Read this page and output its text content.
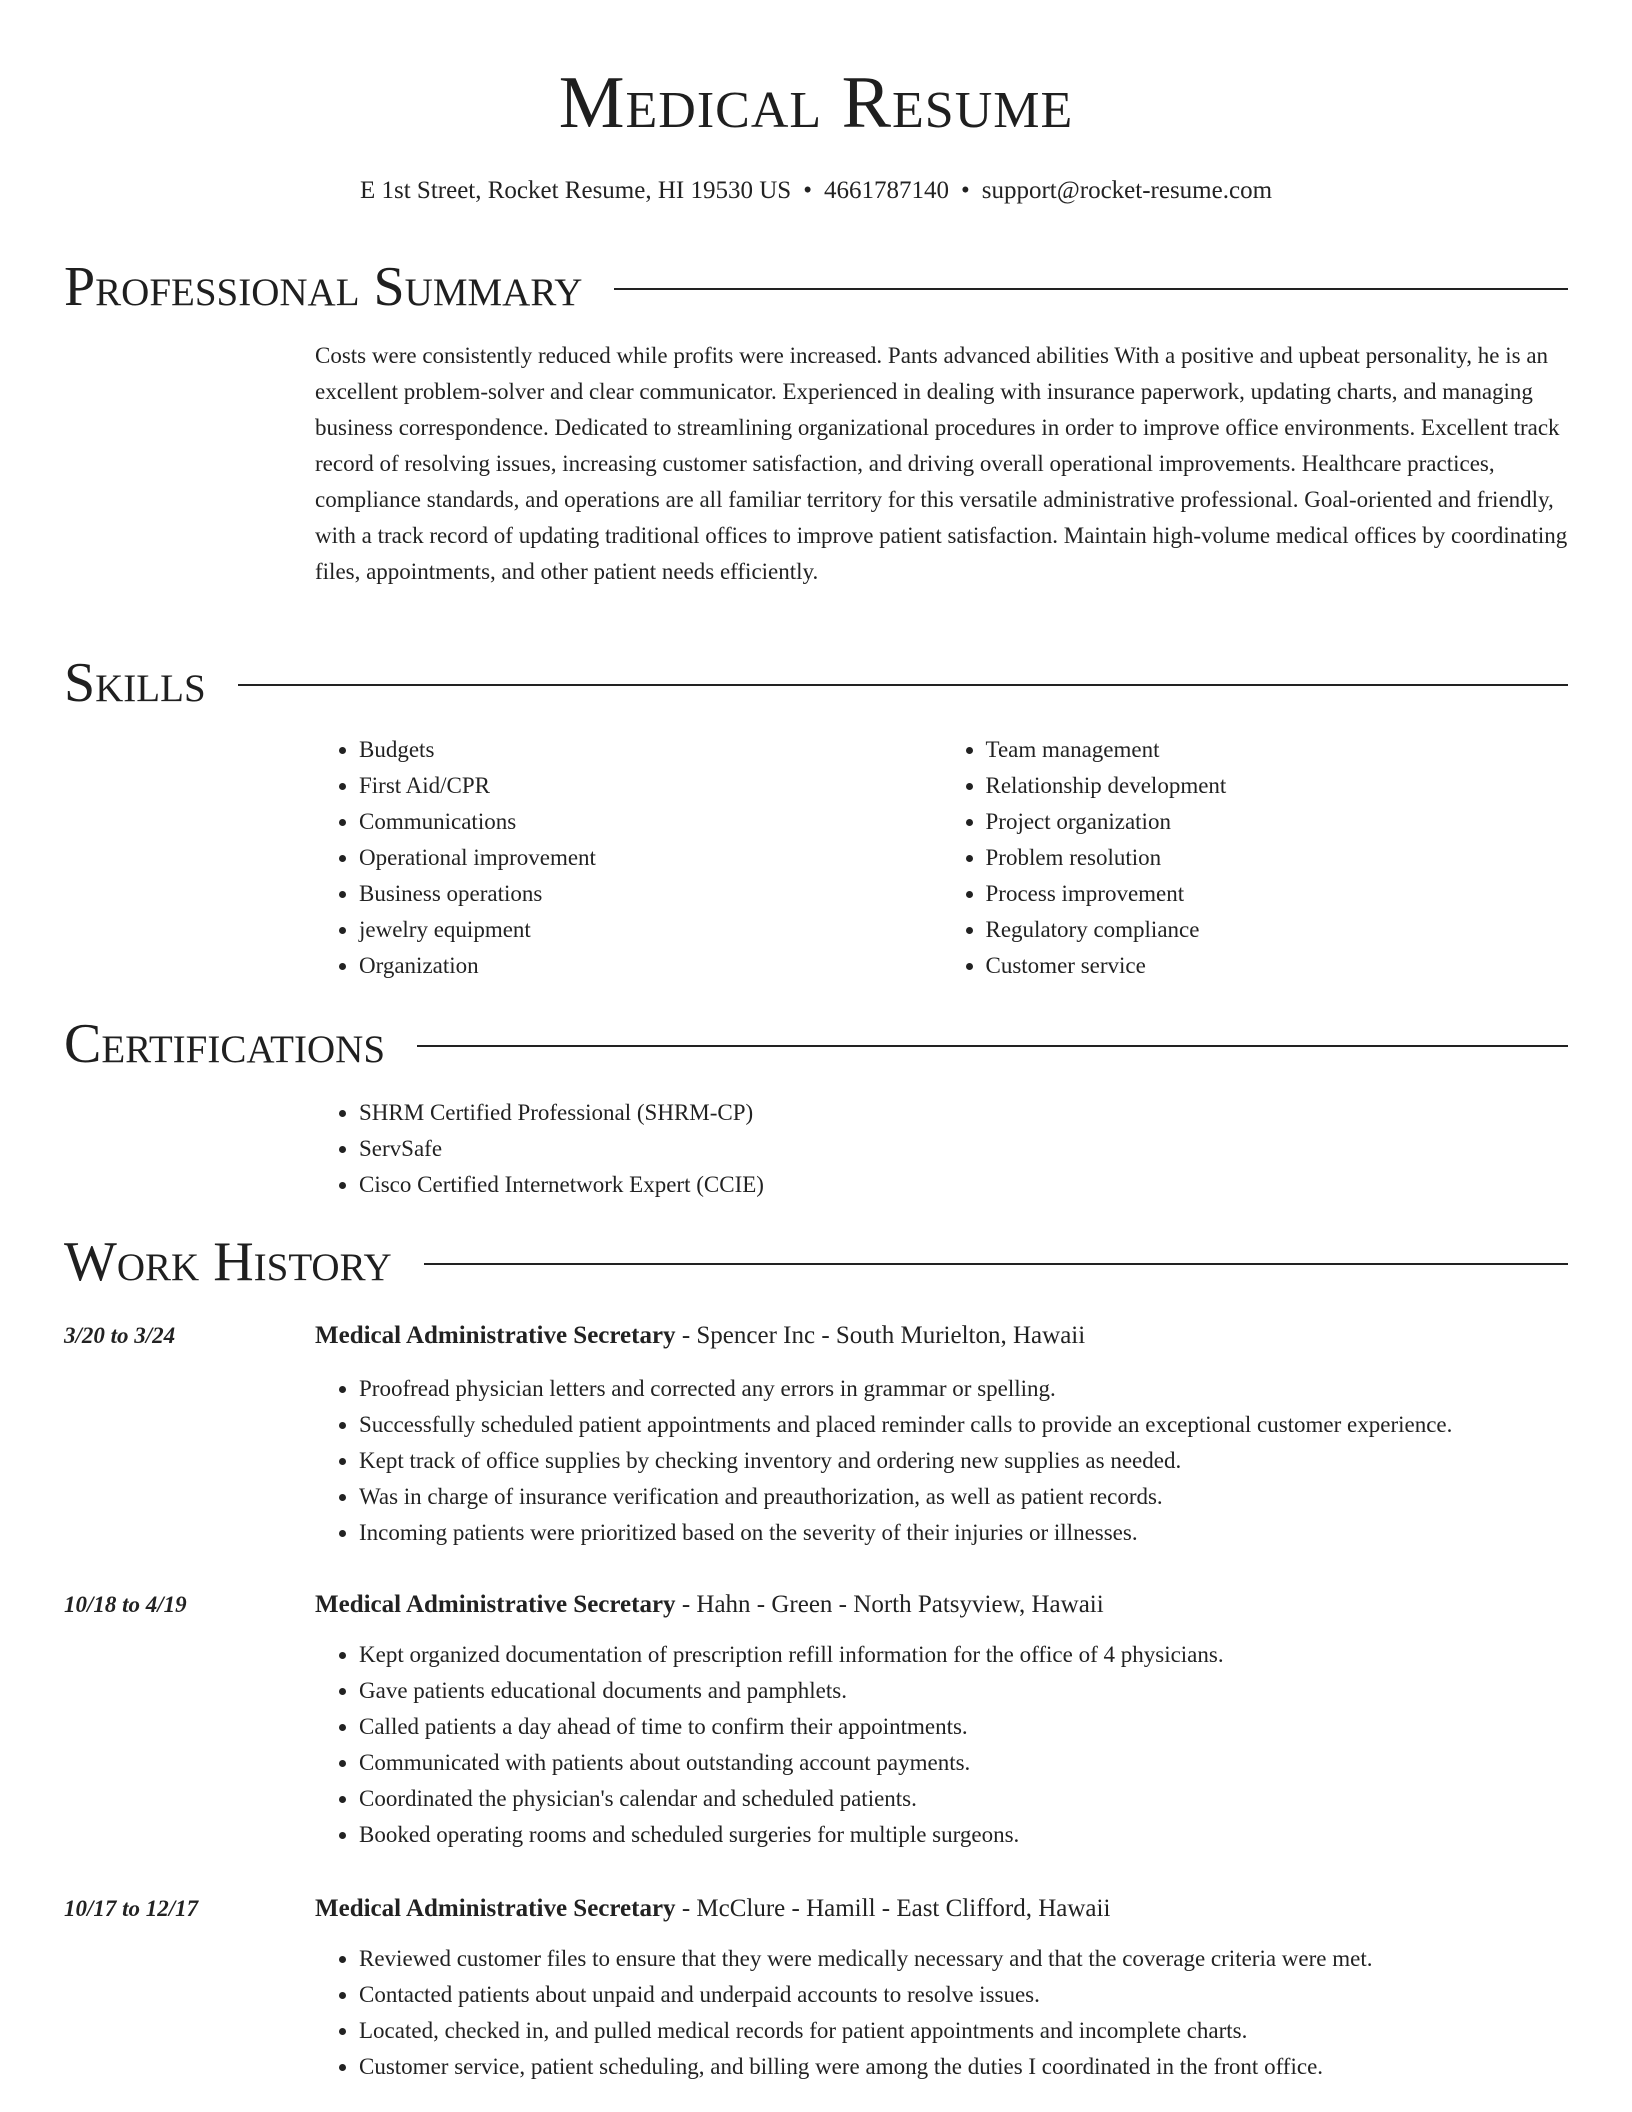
Medical Resume
E 1st Street, Rocket Resume, HI 19530 US • 4661787140 • support@rocket-resume.com
Professional Summary

Costs were consistently reduced while profits were increased. Pants advanced abilities With a positive and upbeat personality, he is an excellent problem-solver and clear communicator. Experienced in dealing with insurance paperwork, updating charts, and managing business correspondence. Dedicated to streamlining organizational procedures in order to improve office environments. Excellent track record of resolving issues, increasing customer satisfaction, and driving overall operational improvements. Healthcare practices, compliance standards, and operations are all familiar territory for this versatile administrative professional. Goal-oriented and friendly, with a track record of updating traditional offices to improve patient satisfaction. Maintain high-volume medical offices by coordinating files, appointments, and other patient needs efficiently.

Skills
• Budgets
• First Aid/CPR
• Communications
• Operational improvement
• Business operations
• jewelry equipment
• Organization
• Team management
• Relationship development
• Project organization
• Problem resolution
• Process improvement
• Regulatory compliance
• Customer service
Certifications
• SHRM Certified Professional (SHRM-CP)
• ServSafe
• Cisco Certified Internetwork Expert (CCIE)
Work History
3/20 to 3/24	Medical Administrative Secretary - Spencer Inc - South Murielton, Hawaii
• Proofread physician letters and corrected any errors in grammar or spelling.
• Successfully scheduled patient appointments and placed reminder calls to provide an exceptional customer experience.
• Kept track of office supplies by checking inventory and ordering new supplies as needed.
• Was in charge of insurance verification and preauthorization, as well as patient records.
• Incoming patients were prioritized based on the severity of their injuries or illnesses.
10/18 to 4/19	Medical Administrative Secretary - Hahn - Green - North Patsyview, Hawaii
• Kept organized documentation of prescription refill information for the office of 4 physicians.
• Gave patients educational documents and pamphlets.
• Called patients a day ahead of time to confirm their appointments.
• Communicated with patients about outstanding account payments.
• Coordinated the physician's calendar and scheduled patients.
• Booked operating rooms and scheduled surgeries for multiple surgeons.
10/17 to 12/17	Medical Administrative Secretary - McClure - Hamill - East Clifford, Hawaii
• Reviewed customer files to ensure that they were medically necessary and that the coverage criteria were met.
• Contacted patients about unpaid and underpaid accounts to resolve issues.
• Located, checked in, and pulled medical records for patient appointments and incomplete charts.
• Customer service, patient scheduling, and billing were among the duties I coordinated in the front office.
